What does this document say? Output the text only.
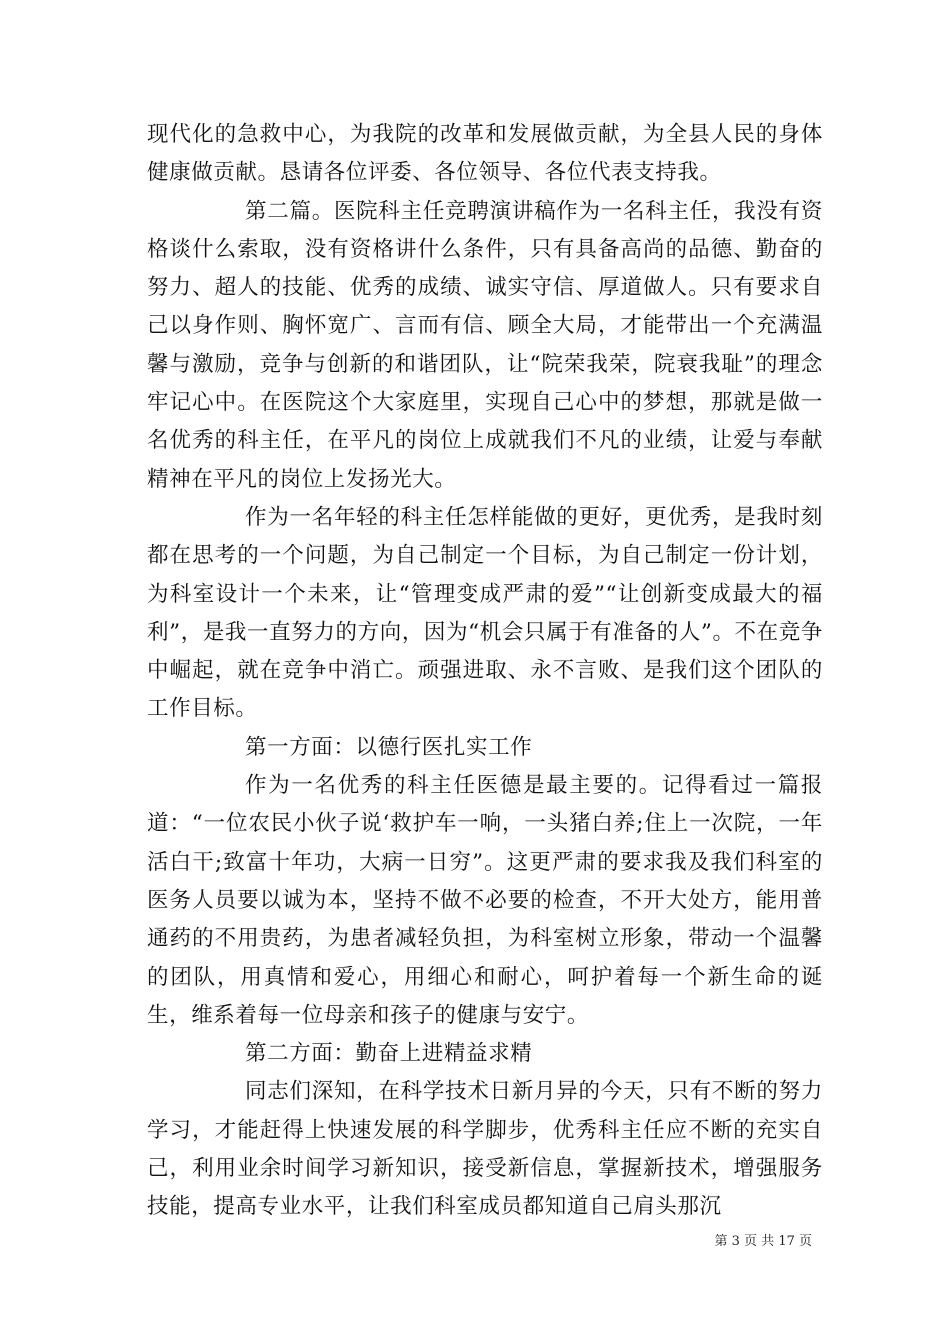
现代化的急救中心，为我院的改革和发展做贡献，为全县人民的身体健康做贡献。恳请各位评委、各位领导、各位代表支持我。

第二篇。医院科主任竞聘演讲稿作为一名科主任，我没有资格谈什么索取，没有资格讲什么条件，只有具备高尚的品德、勤奋的努力、超人的技能、优秀的成绩、诚实守信、厚道做人。只有要求自己以身作则、胸怀宽广、言而有信、顾全大局，才能带出一个充满温馨与激励，竞争与创新的和谐团队，让“院荣我荣，院衰我耻”的理念牢记心中。在医院这个大家庭里，实现自己心中的梦想，那就是做一名优秀的科主任，在平凡的岗位上成就我们不凡的业绩，让爱与奉献精神在平凡的岗位上发扬光大。

作为一名年轻的科主任怎样能做的更好，更优秀，是我时刻都在思考的一个问题，为自己制定一个目标，为自己制定一份计划，为科室设计一个未来，让“管理变成严肃的爱”“让创新变成最大的福利”，是我一直努力的方向，因为“机会只属于有准备的人”。不在竞争中崛起，就在竞争中消亡。顽强进取、永不言败、是我们这个团队的工作目标。

第一方面：以德行医扎实工作

作为一名优秀的科主任医德是最主要的。记得看过一篇报道：“一位农民小伙子说‘救护车一响，一头猪白养;住上一次院，一年活白干;致富十年功，大病一日穷”。这更严肃的要求我及我们科室的医务人员要以诚为本，坚持不做不必要的检查，不开大处方，能用普通药的不用贵药，为患者减轻负担，为科室树立形象，带动一个温馨的团队，用真情和爱心，用细心和耐心，呵护着每一个新生命的诞生，维系着每一位母亲和孩子的健康与安宁。

第二方面：勤奋上进精益求精

同志们深知，在科学技术日新月异的今天，只有不断的努力学习，才能赶得上快速发展的科学脚步，优秀科主任应不断的充实自己，利用业余时间学习新知识，接受新信息，掌握新技术，增强服务技能，提高专业水平，让我们科室成员都知道自己肩头那沉

第 3 页 共 17 页
